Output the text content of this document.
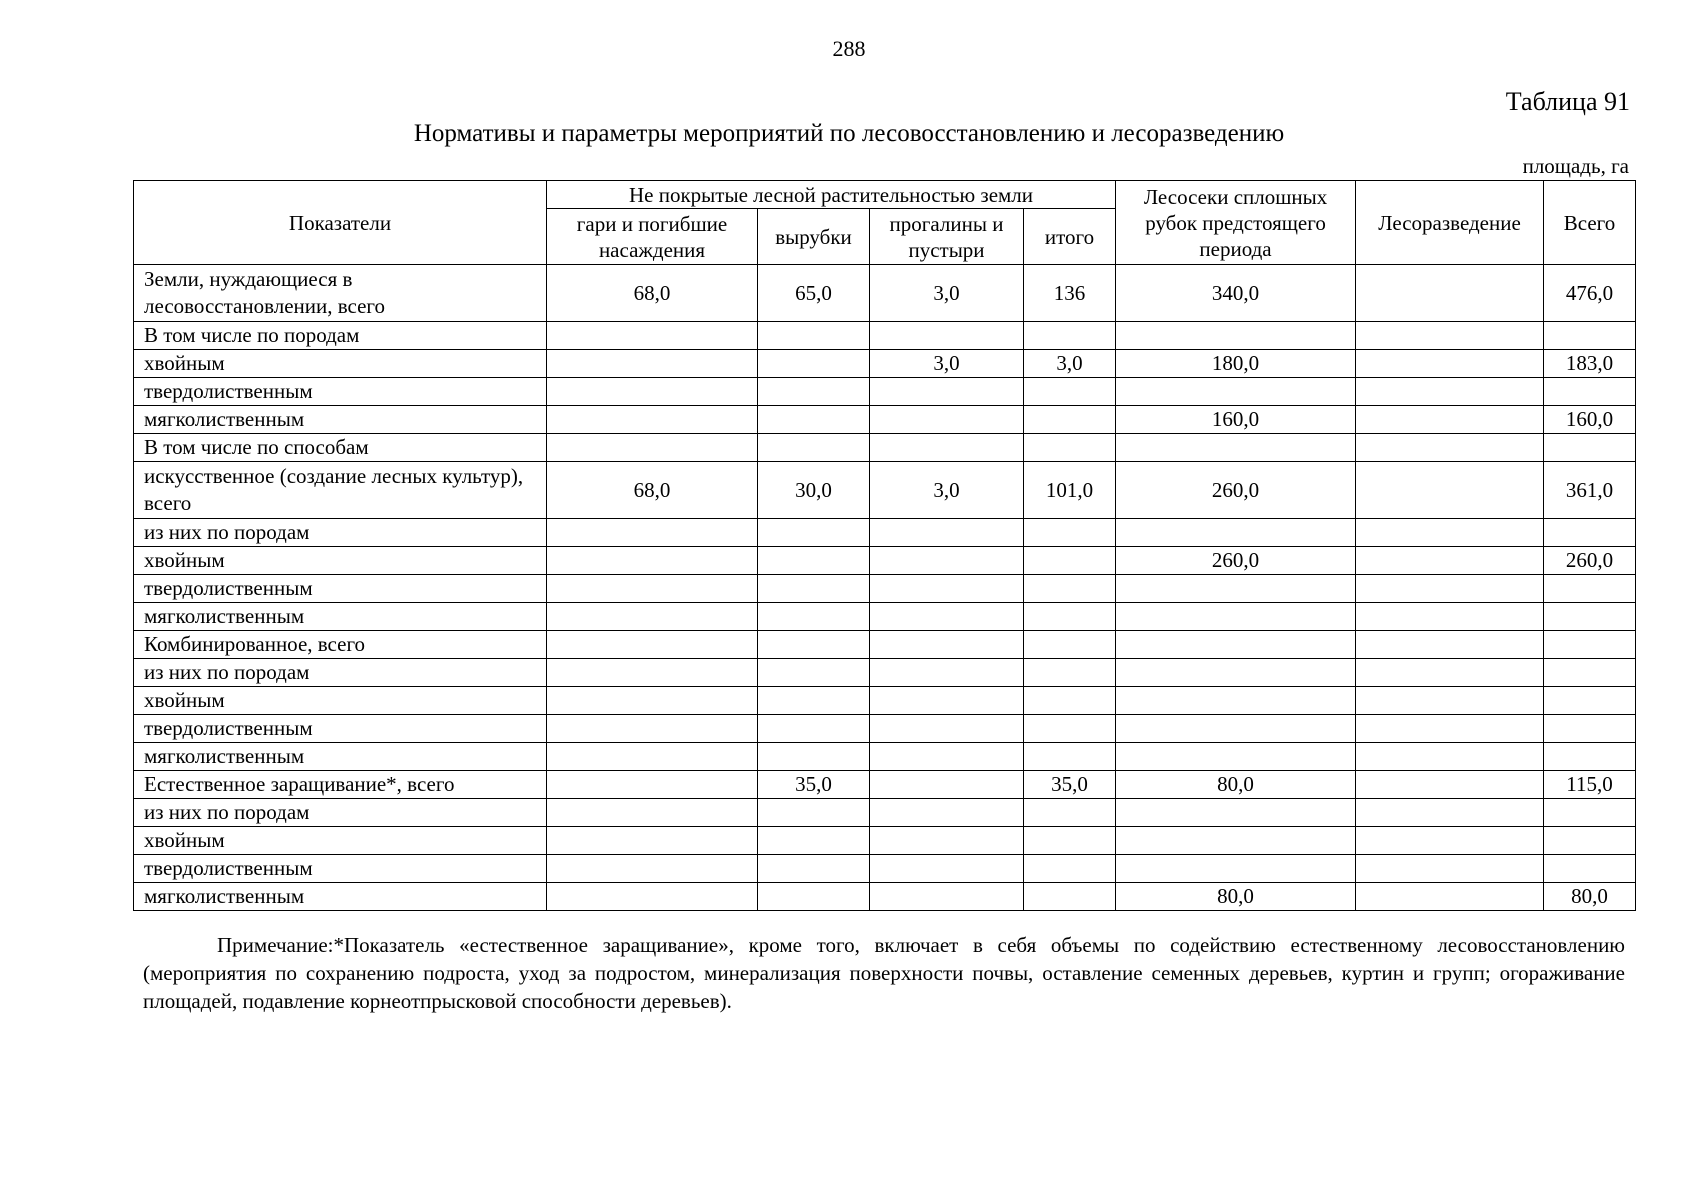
288
Таблица 91
Нормативы и параметры мероприятий по лесовосстановлению и лесоразведению
площадь, га
Показатели	Не покрытые лесной растительностью земли				Лесосеки сплошных рубок предстоящего периода	Лесоразведение	Всего
	гари и погибшие насаждения	вырубки	прогалины и пустыри	итого			
Земли, нуждающиеся в лесовосстановлении, всего	68,0	65,0	3,0	136	340,0		476,0
В том числе по породам							
хвойным			3,0	3,0	180,0		183,0
твердолиственным							
мягколиственным					160,0		160,0
В том числе по способам							
искусственное (создание лесных культур), всего	68,0	30,0	3,0	101,0	260,0		361,0
из них по породам							
хвойным					260,0		260,0
твердолиственным							
мягколиственным							
Комбинированное, всего							
из них по породам							
хвойным							
твердолиственным							
мягколиственным							
Естественное заращивание*, всего		35,0		35,0	80,0		115,0
из них по породам							
хвойным							
твердолиственным							
мягколиственным					80,0		80,0
Примечание:*Показатель «естественное заращивание», кроме того, включает в себя объемы по содействию естественному лесовосстановлению (мероприятия по сохранению подроста, уход за подростом, минерализация поверхности почвы, оставление семенных деревьев, куртин и групп; огораживание площадей, подавление корнеотпрысковой способности деревьев).
